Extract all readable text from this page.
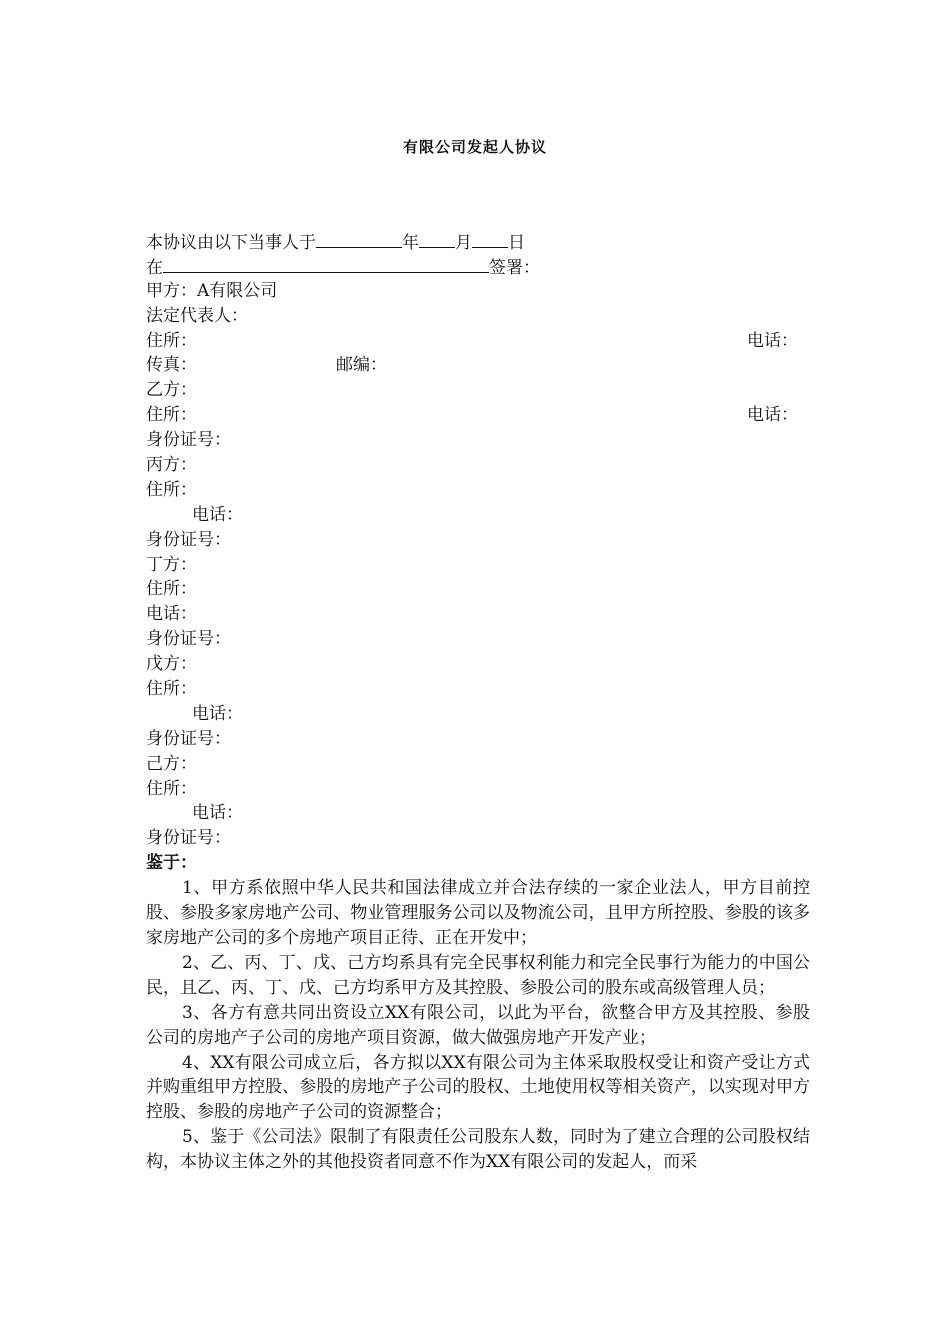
有限公司发起人协议
本协议由以下当事人于	年 月 日
在	签署：
甲方：A有限公司
法定代表人：
住所：	电话：
传真：	邮编：
乙方：
住所：	电话：
身份证号：
丙方：
住所：
电话：
身份证号：
丁方：
住所：
电话：
身份证号：
戊方：
住所：
电话：
身份证号：
己方：
住所：
电话：
身份证号：
鉴于：

1、甲方系依照中华人民共和国法律成立并合法存续的一家企业法人，甲方目前控股、参股多家房地产公司、物业管理服务公司以及物流公司，且甲方所控股、参股的该多家房地产公司的多个房地产项目正待、正在开发中；

2、乙、丙、丁、戊、己方均系具有完全民事权利能力和完全民事行为能力的中国公民，且乙、丙、丁、戊、己方均系甲方及其控股、参股公司的股东或高级管理人员；

3、各方有意共同出资设立XX有限公司，以此为平台，欲整合甲方及其控股、参股公司的房地产子公司的房地产项目资源，做大做强房地产开发产业；

4、XX有限公司成立后，各方拟以XX有限公司为主体采取股权受让和资产受让方式并购重组甲方控股、参股的房地产子公司的股权、土地使用权等相关资产，以实现对甲方控股、参股的房地产子公司的资源整合；

5、鉴于《公司法》限制了有限责任公司股东人数，同时为了建立合理的公司股权结构，本协议主体之外的其他投资者同意不作为XX有限公司的发起人，而采
